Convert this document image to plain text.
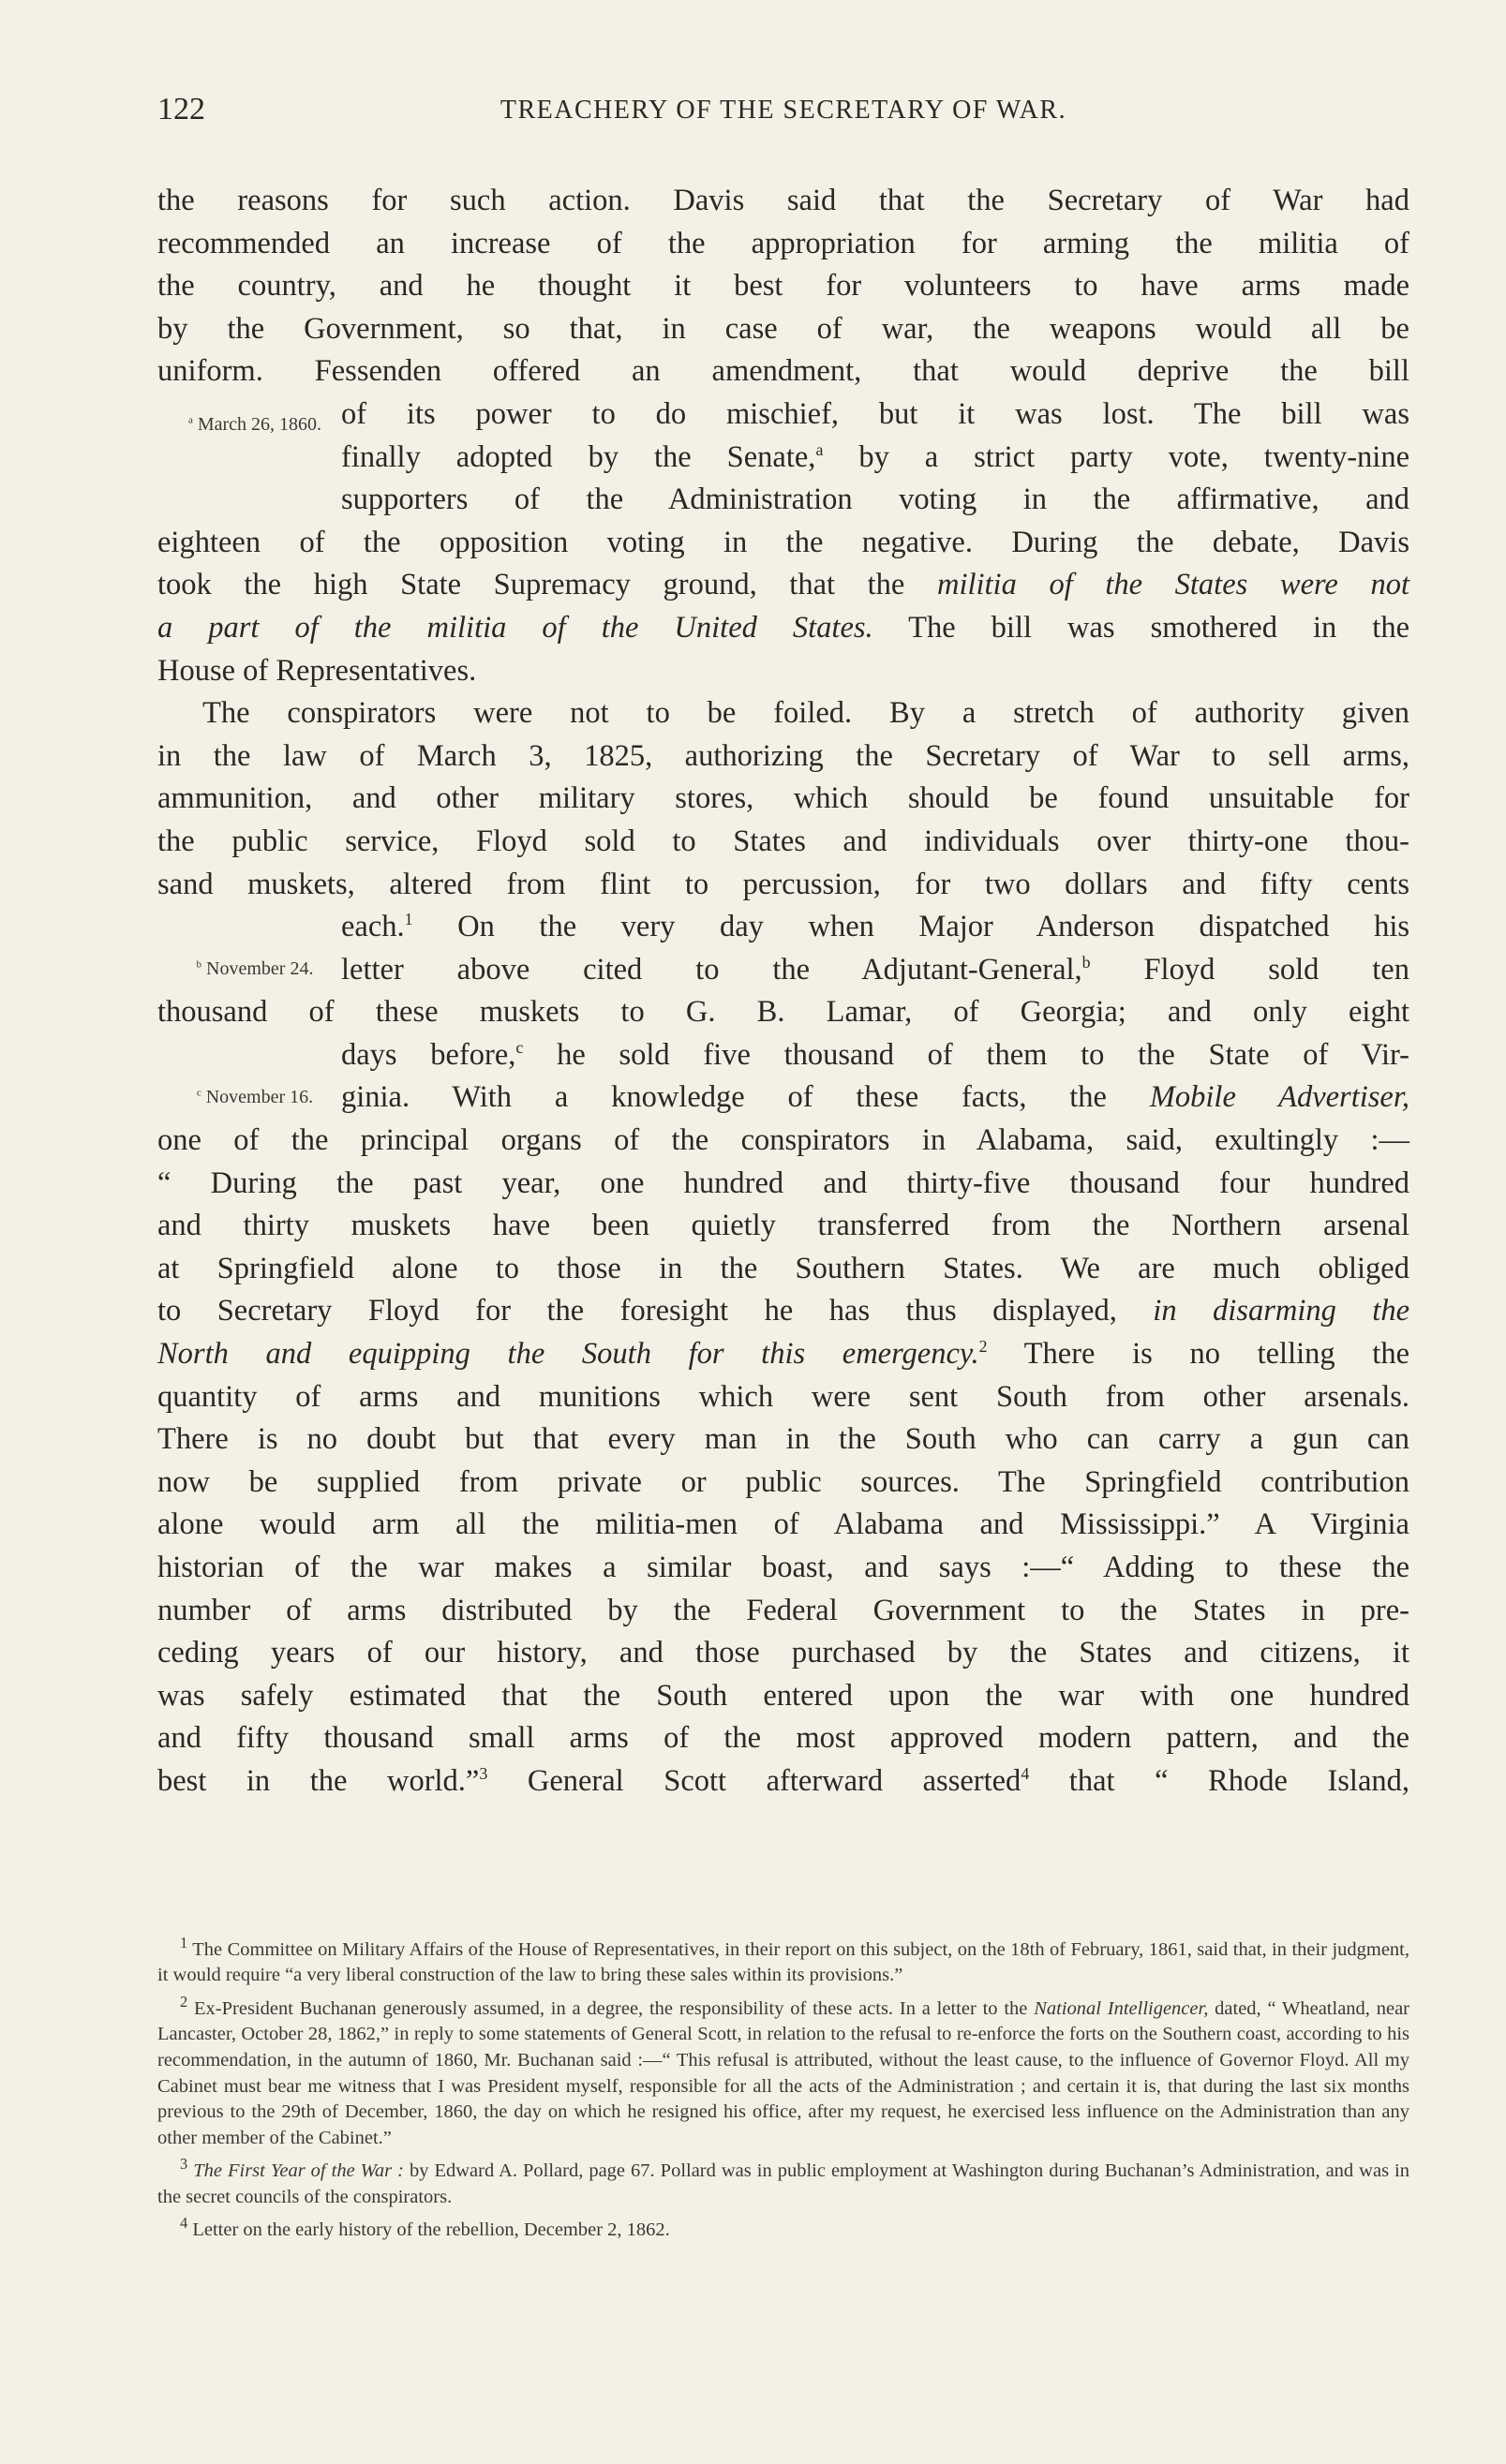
122	TREACHERY OF THE SECRETARY OF WAR.
the reasons for such action. Davis said that the Secretary of War had
recommended an increase of the appropriation for arming the militia of
the country, and he thought it best for volunteers to have arms made
by the Government, so that, in case of war, the weapons would all be
uniform. Fessenden offered an amendment, that would deprive the bill
$^a$ March 26, 1860. of its power to do mischief, but it was lost. The bill was
finally adopted by the Senate,$^a$ by a strict party vote, twenty-nine
supporters of the Administration voting in the affirmative, and
eighteen of the opposition voting in the negative. During the debate, Davis
took the high State Supremacy ground, that the militia of the States were not
a part of the militia of the United States. The bill was smothered in the
House of Representatives.
The conspirators were not to be foiled. By a stretch of authority given
in the law of March 3, 1825, authorizing the Secretary of War to sell arms,
ammunition, and other military stores, which should be found unsuitable for
the public service, Floyd sold to States and individuals over thirty-one thou-
sand muskets, altered from flint to percussion, for two dollars and fifty cents
$^b$ November 24.
$^c$ November 16.
each.$^1$ On the very day when Major Anderson dispatched his
letter above cited to the Adjutant-General,$^b$ Floyd sold ten
thousand of these muskets to G. B. Lamar, of Georgia; and only eight
days before,$^c$ he sold five thousand of them to the State of Vir-
ginia. With a knowledge of these facts, the Mobile Advertiser,
one of the principal organs of the conspirators in Alabama, said, exultingly :—
“ During the past year, one hundred and thirty-five thousand four hundred
and thirty muskets have been quietly transferred from the Northern arsenal
at Springfield alone to those in the Southern States. We are much obliged
to Secretary Floyd for the foresight he has thus displayed, in disarming the
North and equipping the South for this emergency.$^2$ There is no telling the
quantity of arms and munitions which were sent South from other arsenals.
There is no doubt but that every man in the South who can carry a gun can
now be supplied from private or public sources. The Springfield contribution
alone would arm all the militia-men of Alabama and Mississippi.” A Virginia
historian of the war makes a similar boast, and says :—“ Adding to these the
number of arms distributed by the Federal Government to the States in pre-
ceding years of our history, and those purchased by the States and citizens, it
was safely estimated that the South entered upon the war with one hundred
and fifty thousand small arms of the most approved modern pattern, and the
best in the world.”$^3$ General Scott afterward asserted$^4$ that “ Rhode Island,

$^1$ The Committee on Military Affairs of the House of Representatives, in their report on this subject, on the 18th of February, 1861, said that, in their judgment, it would require “a very liberal construction of the law to bring these sales within its provisions.”

$^2$ Ex-President Buchanan generously assumed, in a degree, the responsibility of these acts. In a letter to the National Intelligencer, dated, “ Wheatland, near Lancaster, October 28, 1862,” in reply to some statements of General Scott, in relation to the refusal to re-enforce the forts on the Southern coast, according to his recommendation, in the autumn of 1860, Mr. Buchanan said :—“ This refusal is attributed, without the least cause, to the influence of Governor Floyd. All my Cabinet must bear me witness that I was President myself, responsible for all the acts of the Administration ; and certain it is, that during the last six months previous to the 29th of December, 1860, the day on which he resigned his office, after my request, he exercised less influence on the Administration than any other member of the Cabinet.”

$^3$ The First Year of the War : by Edward A. Pollard, page 67. Pollard was in public employment at Washington during Buchanan’s Administration, and was in the secret councils of the conspirators.

$^4$ Letter on the early history of the rebellion, December 2, 1862.
